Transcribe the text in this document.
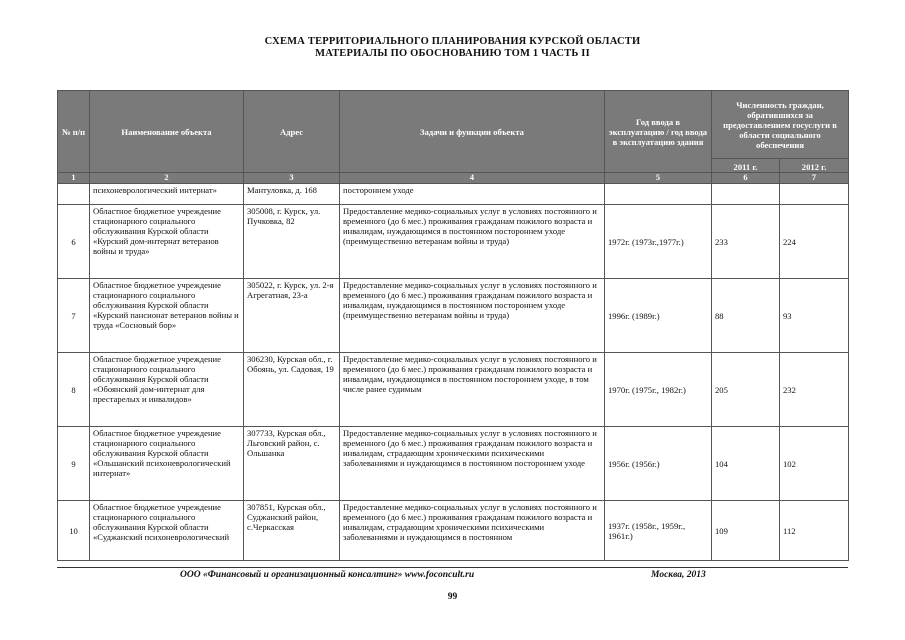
СХЕМА ТЕРРИТОРИАЛЬНОГО ПЛАНИРОВАНИЯ КУРСКОЙ ОБЛАСТИ
МАТЕРИАЛЫ ПО ОБОСНОВАНИЮ ТОМ 1 ЧАСТЬ II
№ п/п	Наименование объекта	Адрес	Задачи и функции объекта	Год ввода в эксплуатацию / год ввода в эксплуатацию здания	Численность граждан, обратившихся за предоставлением госуслуги в области социального обеспечения	
					2011 г.	2012 г.
1	2	3	4	5	6	7
	психоневрологический интернат»	Мантуловка, д. 168	постороннем уходе			
6	Областное бюджетное учреждение стационарного социального обслуживания Курской области «Курский дом-интернат ветеранов войны и труда»	305008, г. Курск, ул. Пучковка, 82	Предоставление медико-социальных услуг в условиях постоянного и временного (до 6 мес.) проживания гражданам пожилого возраста и инвалидам, нуждающимся в постоянном постороннем уходе (преимущественно ветеранам войны и труда)	1972г. (1973г.,1977г.)	233	224
7	Областное бюджетное учреждение стационарного социального обслуживания Курской области «Курский пансионат ветеранов войны и труда «Сосновый бор»	305022, г. Курск, ул. 2-я Агрегатная, 23-а	Предоставление медико-социальных услуг в условиях постоянного и временного (до 6 мес.) проживания гражданам пожилого возраста и инвалидам, нуждающимся в постоянном постороннем уходе (преимущественно ветеранам войны и труда)	1996г. (1989г.)	88	93
8	Областное бюджетное учреждение стационарного социального обслуживания Курской области «Обоянский дом-интернат для престарелых и инвалидов»	306230, Курская обл., г. Обоянь, ул. Садовая, 19	Предоставление медико-социальных услуг в условиях постоянного и временного (до 6 мес.) проживания гражданам пожилого возраста и инвалидам, нуждающимся в постоянном постороннем уходе, в том числе ранее судимым	1970г. (1975г., 1982г.)	205	232
9	Областное бюджетное учреждение стационарного социального обслуживания Курской области «Ольшанский психоневрологический интернат»	307733, Курская обл., Льговский район, с. Ольшанка	Предоставление медико-социальных услуг в условиях постоянного и временного (до 6 мес.) проживания гражданам пожилого возраста и инвалидам, страдающим хроническими психическими заболеваниями и нуждающимся в постоянном постороннем уходе	1956г. (1956г.)	104	102
10	Областное бюджетное учреждение стационарного социального обслуживания Курской области «Суджанский психоневрологический	307851, Курская обл., Суджанский район, с.Черкасская	Предоставление медико-социальных услуг в условиях постоянного и временного (до 6 мес.) проживания гражданам пожилого возраста и инвалидам, страдающим хроническими психическими заболеваниями и нуждающимся в постоянном	1937г. (1958г., 1959г., 1961г.)	109	112
ООО «Финансовый и организационный консалтинг» www.foconcult.ru	Москва, 2013
99
